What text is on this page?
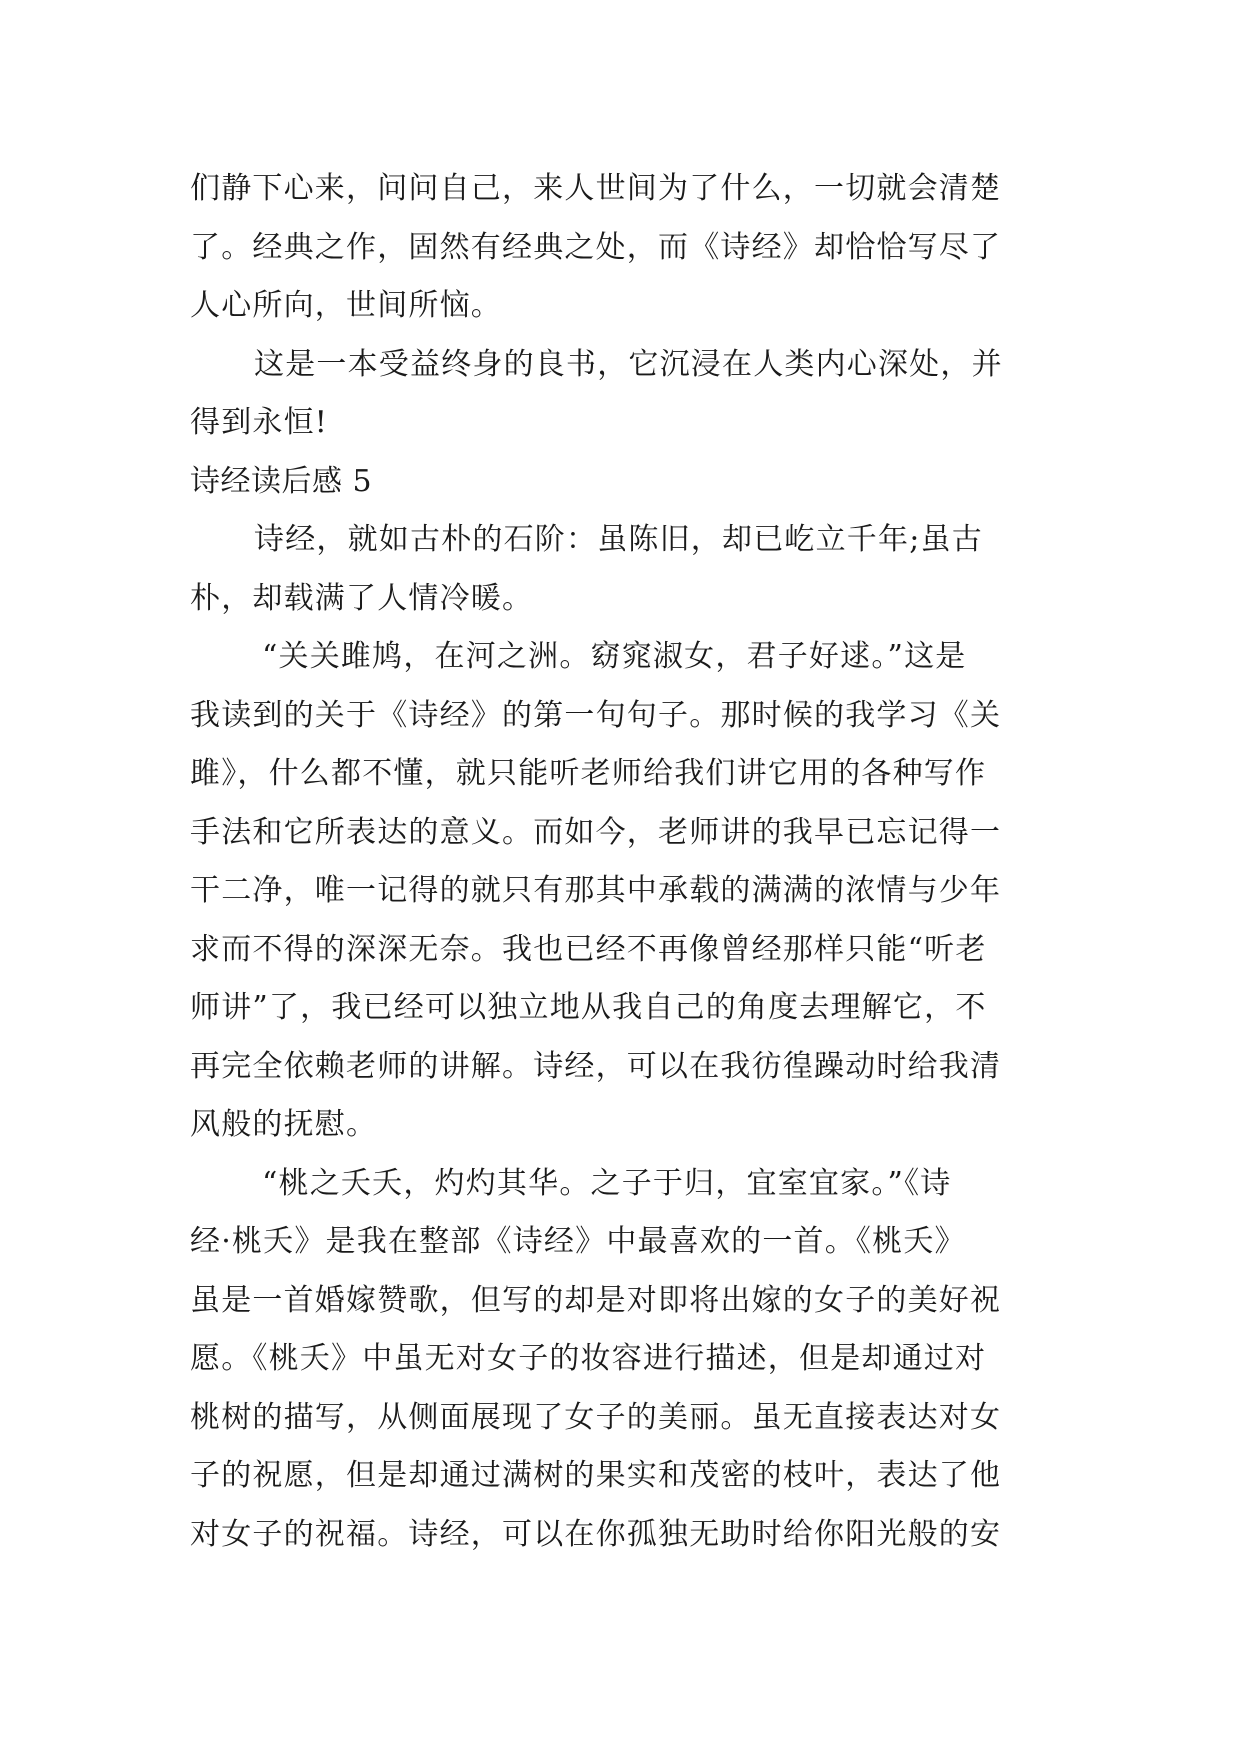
们静下心来，问问自己，来人世间为了什么，一切就会清楚
了。经典之作，固然有经典之处，而《诗经》却恰恰写尽了
人心所向，世间所恼。
这是一本受益终身的良书，它沉浸在人类内心深处，并
得到永恒!
诗经读后感 5
诗经，就如古朴的石阶：虽陈旧，却已屹立千年;虽古
朴，却载满了人情冷暖。
“关关雎鸠，在河之洲。窈窕淑女，君子好逑。”这是
我读到的关于《诗经》的第一句句子。那时候的我学习《关
雎》，什么都不懂，就只能听老师给我们讲它用的各种写作
手法和它所表达的意义。而如今，老师讲的我早已忘记得一
干二净，唯一记得的就只有那其中承载的满满的浓情与少年
求而不得的深深无奈。我也已经不再像曾经那样只能“听老
师讲”了，我已经可以独立地从我自己的角度去理解它，不
再完全依赖老师的讲解。诗经，可以在我彷徨躁动时给我清
风般的抚慰。
“桃之夭夭，灼灼其华。之子于归，宜室宜家。”《诗
经·桃夭》是我在整部《诗经》中最喜欢的一首。《桃夭》
虽是一首婚嫁赞歌，但写的却是对即将出嫁的女子的美好祝
愿。《桃夭》中虽无对女子的妆容进行描述，但是却通过对
桃树的描写，从侧面展现了女子的美丽。虽无直接表达对女
子的祝愿，但是却通过满树的果实和茂密的枝叶，表达了他
对女子的祝福。诗经，可以在你孤独无助时给你阳光般的安
